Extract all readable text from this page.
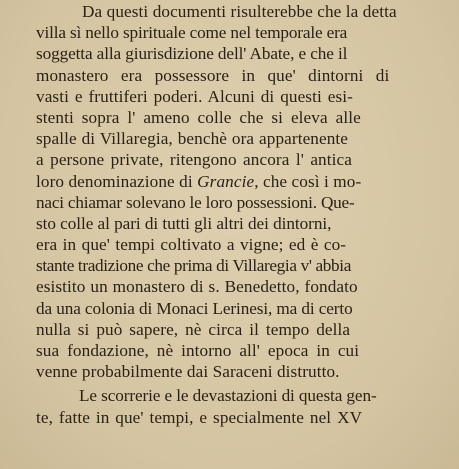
Da questi documenti risulterebbe che la detta
villa sì nello spirituale come nel temporale era
soggetta alla giurisdizione dell' Abate, e che il
monastero era possessore in que' dintorni di
vasti e fruttiferi poderi. Alcuni di questi esi-
stenti sopra l' ameno colle che si eleva alle
spalle di Villaregia, benchè ora appartenente
a persone private, ritengono ancora l' antica
loro denominazione di Grancie, che così i mo-
naci chiamar solevano le loro possessioni. Que-
sto colle al pari di tutti gli altri dei dintorni,
era in que' tempi coltivato a vigne; ed è co-
stante tradizione che prima di Villaregia v' abbia
esistito un monastero di s. Benedetto, fondato
da una colonia di Monaci Lerinesi, ma di certo
nulla si può sapere, nè circa il tempo della
sua fondazione, nè intorno all' epoca in cui
venne probabilmente dai Saraceni distrutto.
Le scorrerie e le devastazioni di questa gen-
te, fatte in que' tempi, e specialmente nel XV
